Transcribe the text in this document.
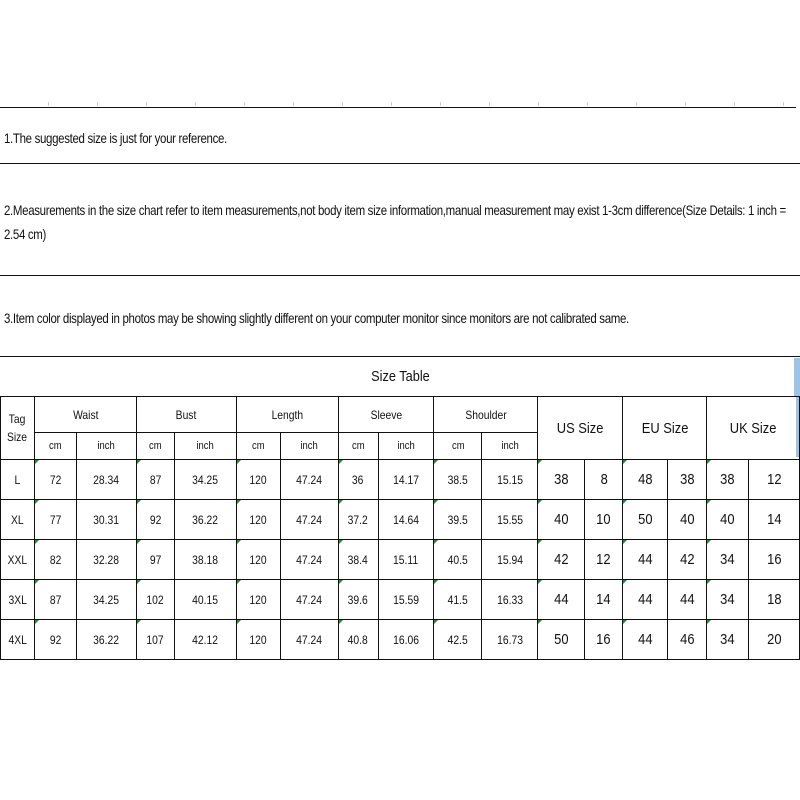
1.The suggested size is just for your reference.
2.Measurements in the size chart refer to item measurements,not body item size information,manual measurement may exist 1-3cm difference(Size Details: 1 inch = 2.54 cm)
3.Item color displayed in photos may be showing slightly different on your computer monitor since monitors are not calibrated same.
Size Table
Tag Size	Waist		Bust		Length		Sleeve		Shoulder		US Size		EU Size		UK Size	
	cm	inch	cm	inch	cm	inch	cm	inch	cm	inch						
L	72	28.34	87	34.25	120	47.24	36	14.17	38.5	15.15	38	8	48	38	38	12
XL	77	30.31	92	36.22	120	47.24	37.2	14.64	39.5	15.55	40	10	50	40	40	14
XXL	82	32.28	97	38.18	120	47.24	38.4	15.11	40.5	15.94	42	12	44	42	34	16
3XL	87	34.25	102	40.15	120	47.24	39.6	15.59	41.5	16.33	44	14	44	44	34	18
4XL	92	36.22	107	42.12	120	47.24	40.8	16.06	42.5	16.73	50	16	44	46	34	20
